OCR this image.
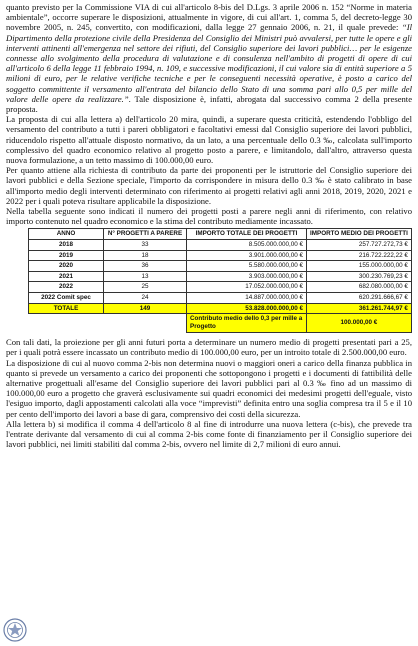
quanto previsto per la Commissione VIA di cui all'articolo 8-bis del D.Lgs. 3 aprile 2006 n. 152 “Norme in materia ambientale”, occorre superare le disposizioni, attualmente in vigore, di cui all'art. 1, comma 5, del decreto-legge 30 novembre 2005, n. 245, convertito, con modificazioni, dalla legge 27 gennaio 2006, n. 21, il quale prevede: “Il Dipartimento della protezione civile della Presidenza del Consiglio dei Ministri può avvalersi, per tutte le opere e gli interventi attinenti all'emergenza nel settore dei rifiuti, del Consiglio superiore dei lavori pubblici… per le esigenze connesse allo svolgimento della procedura di valutazione e di consulenza nell'ambito di progetti di opere di cui all'articolo 6 della legge 11 febbraio 1994, n. 109, e successive modificazioni, il cui valore sia di entità superiore a 5 milioni di euro, per le relative verifiche tecniche e per le conseguenti necessità operative, è posto a carico del soggetto committente il versamento all'entrata del bilancio dello Stato di una somma pari allo 0,5 per mille del valore delle opere da realizzare.”. Tale disposizione è, infatti, abrogata dal successivo comma 2 della presente proposta.

La proposta di cui alla lettera a) dell'articolo 20 mira, quindi, a superare questa criticità, estendendo l'obbligo del versamento del contributo a tutti i pareri obbligatori e facoltativi emessi dal Consiglio superiore dei lavori pubblici, riducendolo rispetto all'attuale disposto normativo, da un lato, a una percentuale dello 0.3 ‰, calcolata sull'importo complessivo del quadro economico relativo al progetto posto a parere, e limitandolo, dall'altro, attraverso questa nuova formulazione, a un tetto massimo di 100.000,00 euro.

Per quanto attiene alla richiesta di contributo da parte dei proponenti per le istruttorie del Consiglio superiore dei lavori pubblici e della Sezione speciale, l'importo da corrispondere in misura dello 0.3 ‰ è stato calibrato in base all'importo medio degli interventi determinato con riferimento ai progetti relativi agli anni 2018, 2019, 2020, 2021 e 2022 per i quali poteva risultare applicabile la disposizione.

Nella tabella seguente sono indicati il numero dei progetti posti a parere negli anni di riferimento, con relativo importo contenuto nel quadro economico e la stima del contributo mediamente incassato.

ANNO	N° PROGETTI A PARERE	IMPORTO TOTALE DEI PROGETTI	IMPORTO MEDIO DEI PROGETTI
2018	33	8.505.000.000,00 €	257.727.272,73 €
2019	18	3.901.000.000,00 €	216.722.222,22 €
2020	36	5.580.000.000,00 €	155.000.000,00 €
2021	13	3.903.000.000,00 €	300.230.769,23 €
2022	25	17.052.000.000,00 €	682.080.000,00 €
2022 Comit spec	24	14.887.000.000,00 €	620.291.666,67 €
TOTALE	149	53.828.000.000,00 €	361.261.744,97 €
		Contributo medio dello 0,3 per mille a Progetto	100.000,00 €

Con tali dati, la proiezione per gli anni futuri porta a determinare un numero medio di progetti presentati pari a 25, per i quali potrà essere incassato un contributo medio di 100.000,00 euro, per un introito totale di 2.500.000,00 euro.

La disposizione di cui al nuovo comma 2-bis non determina nuovi o maggiori oneri a carico della finanza pubblica in quanto si prevede un versamento a carico dei proponenti che sottopongono i progetti e i documenti di fattibilità delle alternative progettuali all'esame del Consiglio superiore dei lavori pubblici pari al 0.3 ‰ fino ad un massimo di 100.000,00 euro a progetto che graverà esclusivamente sui quadri economici dei medesimi progetti dell'eguale, visto l'esiguo importo, dagli appostamenti calcolati alla voce “imprevisti” definita entro una soglia compresa tra il 5 e il 10 per cento dell'importo dei lavori a base di gara, comprensivo dei costi della sicurezza.

Alla lettera b) si modifica il comma 4 dell'articolo 8 al fine di introdurre una nuova lettera (c-bis), che prevede tra l'entrate derivante dal versamento di cui al comma 2-bis come fonte di finanziamento per il Consiglio superiore dei lavori pubblici, nei limiti stabiliti dal comma 2-bis, ovvero nel limite di 2,7 milioni di euro annui.
